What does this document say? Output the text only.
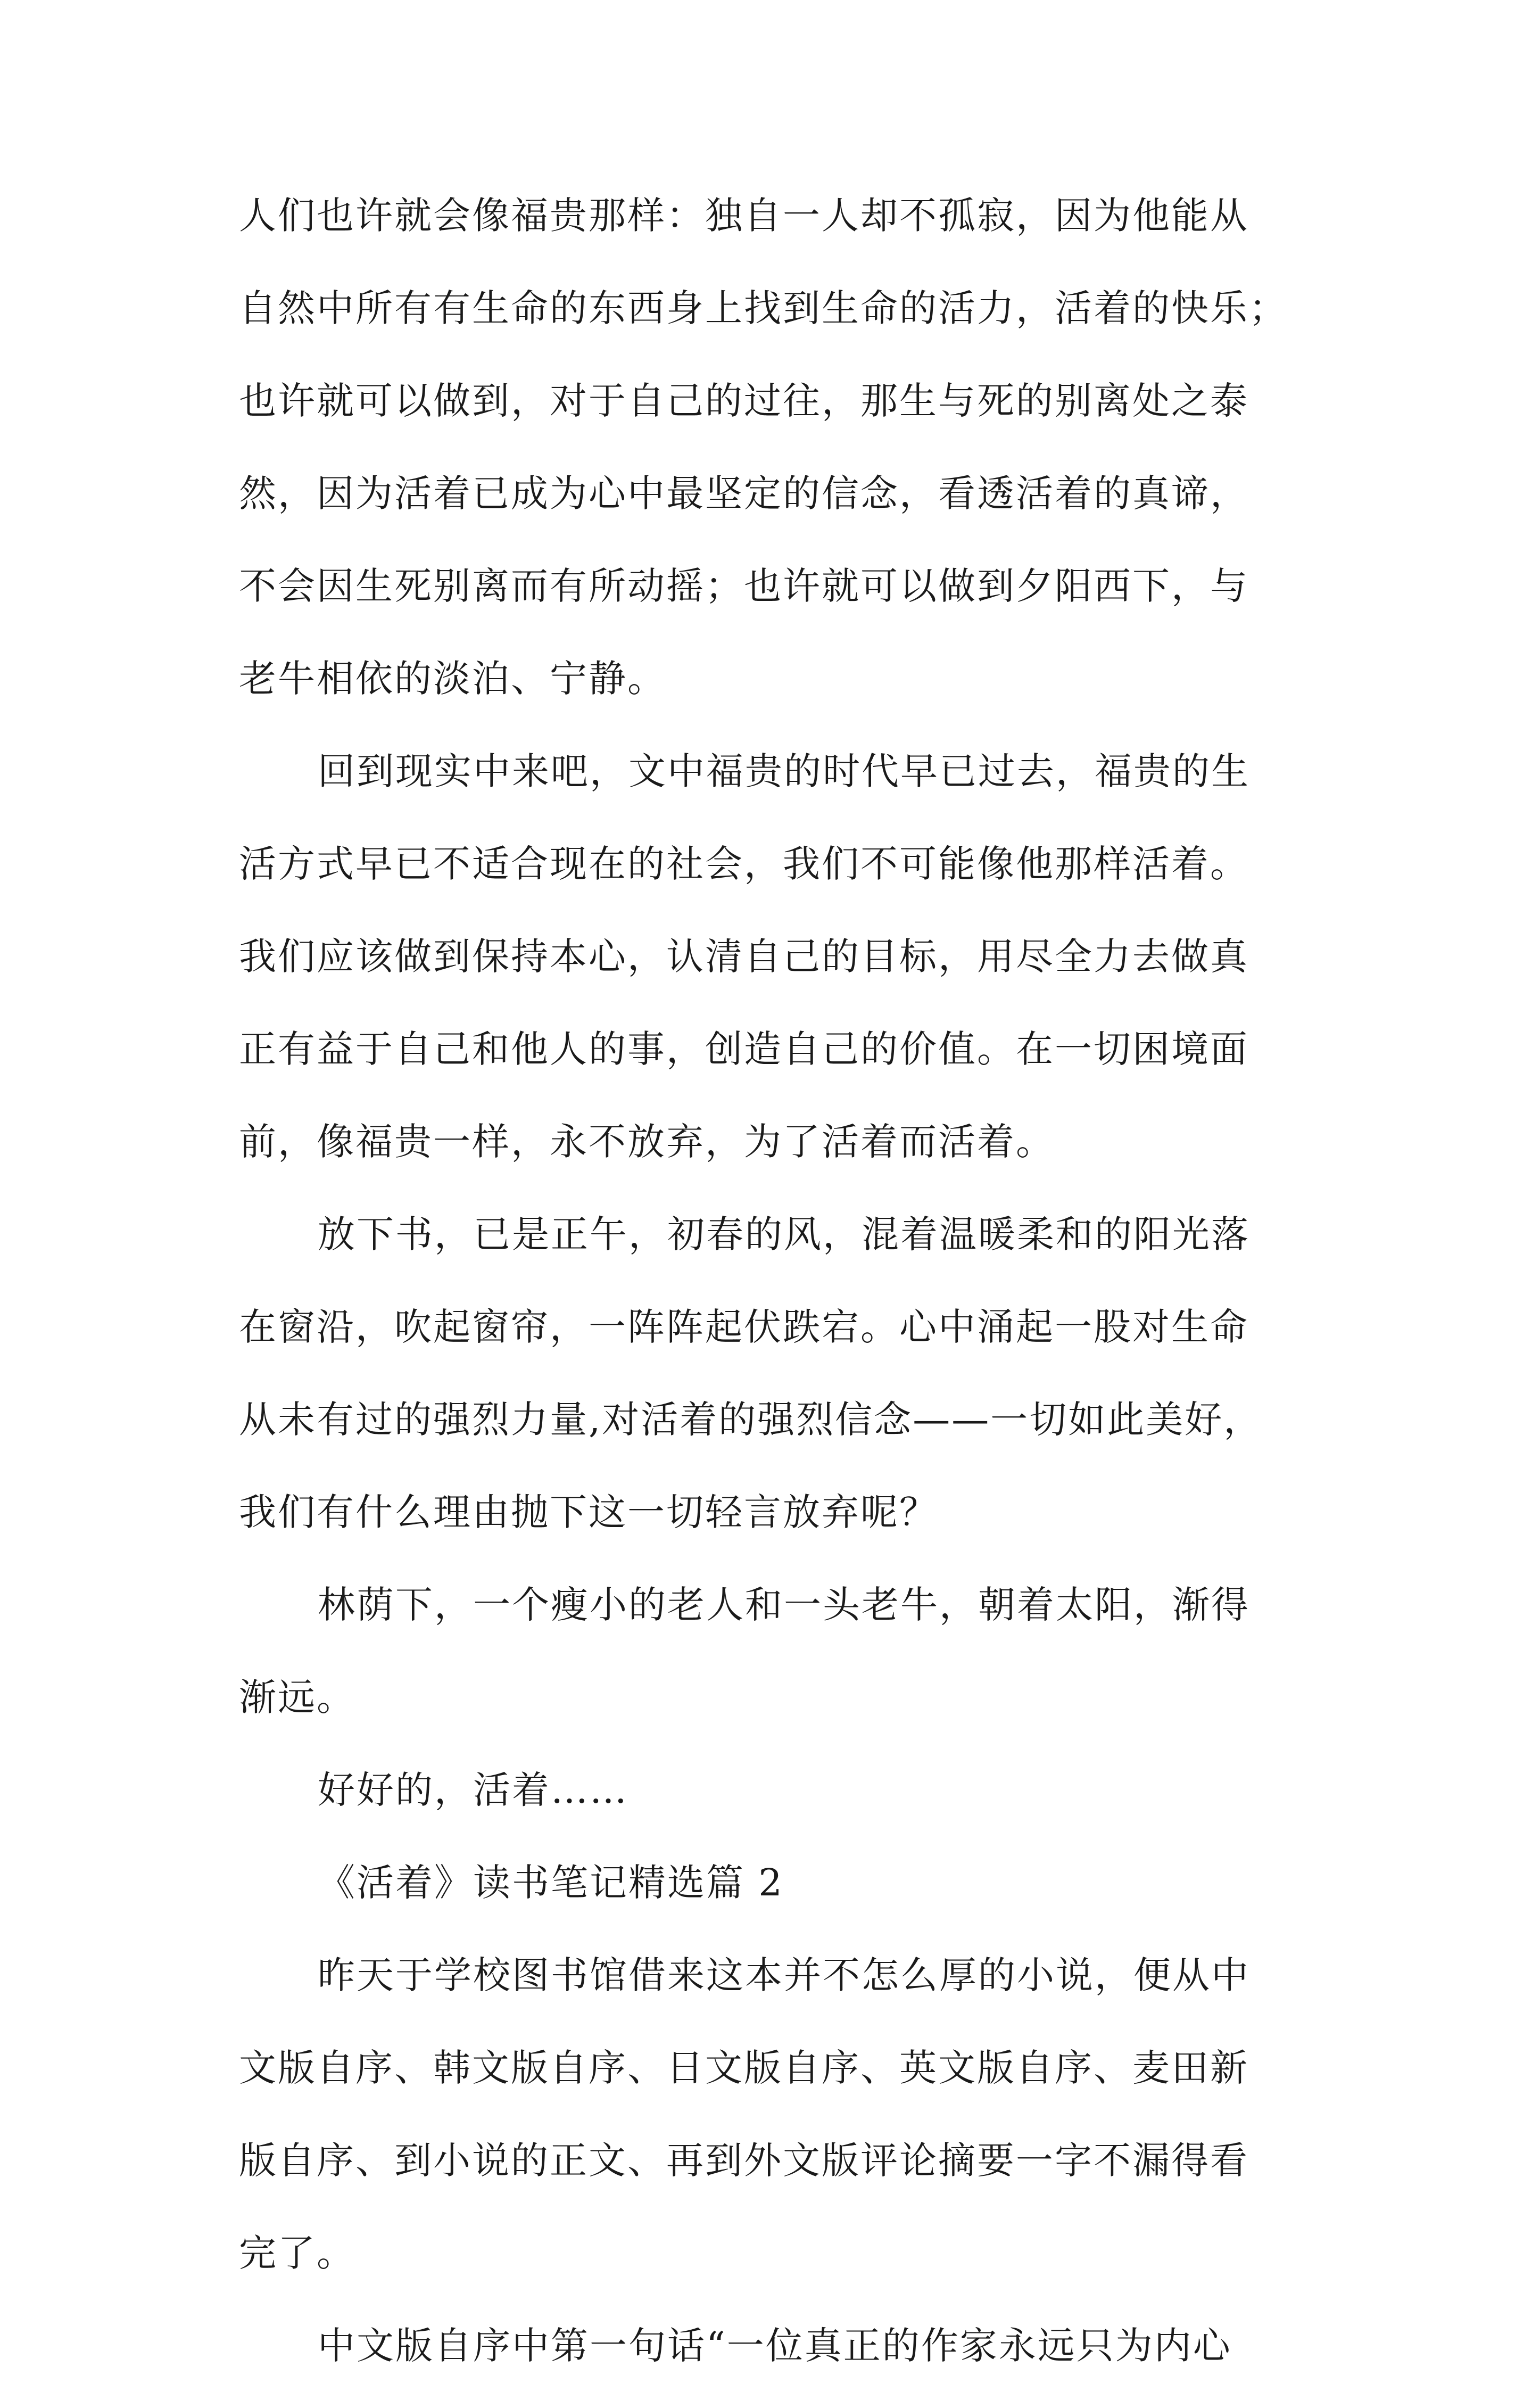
人们也许就会像福贵那样：独自一人却不孤寂，因为他能从
自然中所有有生命的东西身上找到生命的活力，活着的快乐；
也许就可以做到，对于自己的过往，那生与死的别离处之泰
然，因为活着已成为心中最坚定的信念，看透活着的真谛，
不会因生死别离而有所动摇；也许就可以做到夕阳西下，与
老牛相依的淡泊、宁静。
回到现实中来吧，文中福贵的时代早已过去，福贵的生
活方式早已不适合现在的社会，我们不可能像他那样活着。
我们应该做到保持本心，认清自己的目标，用尽全力去做真
正有益于自己和他人的事，创造自己的价值。在一切困境面
前，像福贵一样，永不放弃，为了活着而活着。
放下书，已是正午，初春的风，混着温暖柔和的阳光落
在窗沿，吹起窗帘，一阵阵起伏跌宕。心中涌起一股对生命
从未有过的强烈力量,对活着的强烈信念——一切如此美好，
我们有什么理由抛下这一切轻言放弃呢？
林荫下，一个瘦小的老人和一头老牛，朝着太阳，渐得
渐远。
好好的，活着……
《活着》读书笔记精选篇 2
昨天于学校图书馆借来这本并不怎么厚的小说，便从中
文版自序、韩文版自序、日文版自序、英文版自序、麦田新
版自序、到小说的正文、再到外文版评论摘要一字不漏得看
完了。
中文版自序中第一句话“一位真正的作家永远只为内心
